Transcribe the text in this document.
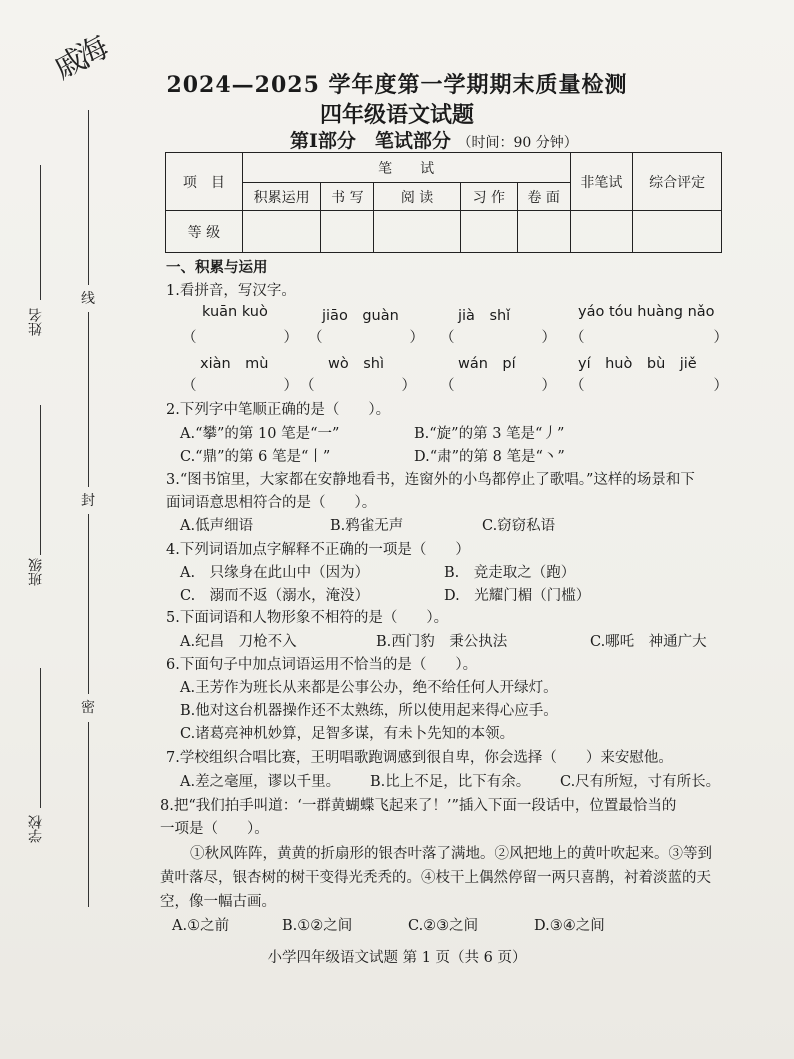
戚海
线
封
密
姓名
班级
学校
2024—2025 学年度第一学期期末质量检测
四年级语文试题
第Ⅰ部分　笔试部分 （时间：90 分钟）
项　目	笔　　试					非笔试	综合评定
	积累运用	书 写	阅 读	习 作	卷 面		
等 级							
一、积累与运用
1.看拼音，写汉字。
kuān kuò	jiāo　guàn	jià　shǐ	yáo tóu huàng nǎo
（　　　　　　） （　　　　　　） （　　　　　　） （　　　　　　）
xiàn　mù	wò　shì	wán　pí	yí　huò　bù　jiě
（　　　　　　） （　　　　　　） （　　　　　　） （　　　　　　）
2.下列字中笔顺正确的是（　　）。
A.“攀”的第 10 笔是“一”	B.“旋”的第 3 笔是“丿”
C.“鼎”的第 6 笔是“丨”	D.“肃”的第 8 笔是“丶”
3.“图书馆里，大家都在安静地看书，连窗外的小鸟都停止了歌唱。”这样的场景和下
面词语意思相符合的是（　　）。
A.低声细语	B.鸦雀无声	C.窃窃私语
4.下列词语加点字解释不正确的一项是（　　）
A.　只缘身在此山中（因为）	B.　竞走取之（跑）
C.　溺而不返（溺水，淹没）	D.　光耀门楣（门槛）
5.下面词语和人物形象不相符的是（　　）。
A.纪昌　刀枪不入	B.西门豹　秉公执法	C.哪吒　神通广大
6.下面句子中加点词语运用不恰当的是（　　）。
A.王芳作为班长从来都是公事公办，绝不给任何人开绿灯。
B.他对这台机器操作还不太熟练，所以使用起来得心应手。
C.诸葛亮神机妙算，足智多谋，有未卜先知的本领。
7.学校组织合唱比赛，王明唱歌跑调感到很自卑，你会选择（　　）来安慰他。
A.差之毫厘，谬以千里。 B.比上不足，比下有余。 C.尺有所短，寸有所长。
8.把“我们拍手叫道：‘一群黄蝴蝶飞起来了！’”插入下面一段话中，位置最恰当的
一项是（　　）。
①秋风阵阵，黄黄的折扇形的银杏叶落了满地。②风把地上的黄叶吹起来。③等到
黄叶落尽，银杏树的树干变得光秃秃的。④枝干上偶然停留一两只喜鹊，衬着淡蓝的天
空，像一幅古画。
A.①之前	B.①②之间	C.②③之间	D.③④之间
小学四年级语文试题 第 1 页（共 6 页）
